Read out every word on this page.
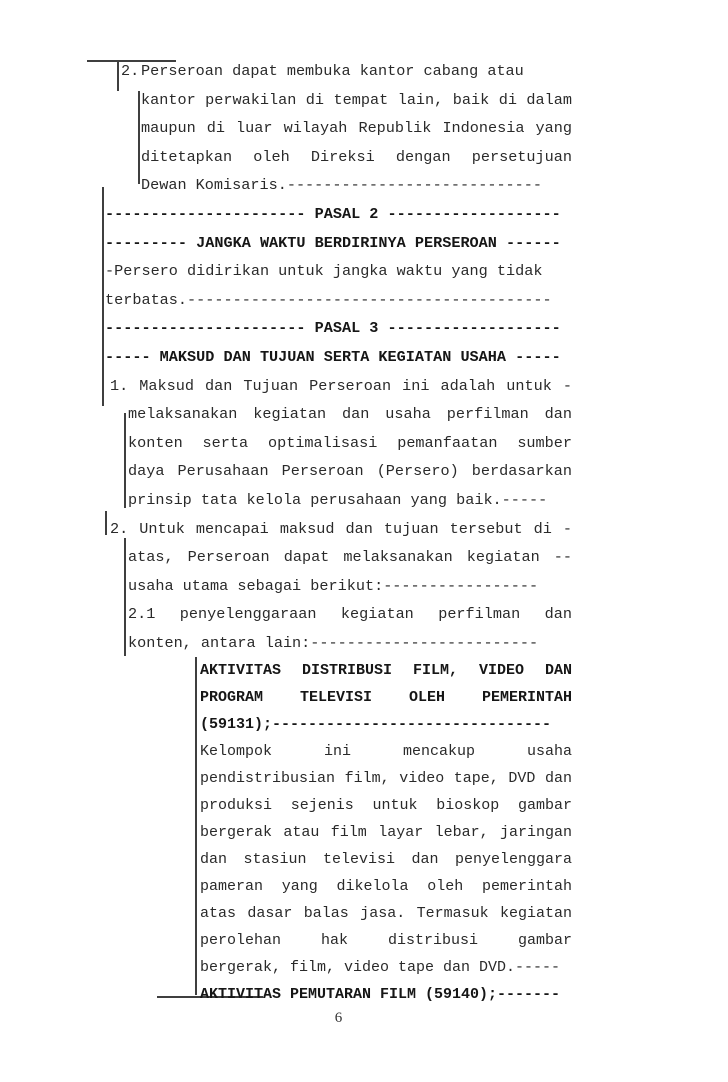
2. Perseroan dapat membuka kantor cabang atau
kantor perwakilan di tempat lain, baik di dalam
maupun di luar wilayah Republik Indonesia yang
ditetapkan oleh Direksi dengan persetujuan
Dewan Komisaris.----------------------------
---------------------- PASAL 2 -------------------
--------- JANGKA WAKTU BERDIRINYA PERSEROAN ------
-Persero didirikan untuk jangka waktu yang tidak
terbatas.----------------------------------------
---------------------- PASAL 3 -------------------
----- MAKSUD DAN TUJUAN SERTA KEGIATAN USAHA -----
1. Maksud dan Tujuan Perseroan ini adalah untuk -
melaksanakan kegiatan dan usaha perfilman dan
konten serta optimalisasi pemanfaatan sumber
daya Perusahaan Perseroan (Persero) berdasarkan
prinsip tata kelola perusahaan yang baik.-----
2. Untuk mencapai maksud dan tujuan tersebut di -
atas, Perseroan dapat melaksanakan kegiatan --
usaha utama sebagai berikut:-----------------
2.1 penyelenggaraan kegiatan perfilman dan
konten, antara lain:-------------------------
AKTIVITAS DISTRIBUSI FILM, VIDEO DAN
PROGRAM TELEVISI OLEH PEMERINTAH
(59131);-------------------------------
Kelompok ini mencakup usaha
pendistribusian film, video tape, DVD dan
produksi sejenis untuk bioskop gambar
bergerak atau film layar lebar, jaringan
dan stasiun televisi dan penyelenggara
pameran yang dikelola oleh pemerintah
atas dasar balas jasa. Termasuk kegiatan
perolehan hak distribusi gambar
bergerak, film, video tape dan DVD.-----
AKTIVITAS PEMUTARAN FILM (59140);-------
6
